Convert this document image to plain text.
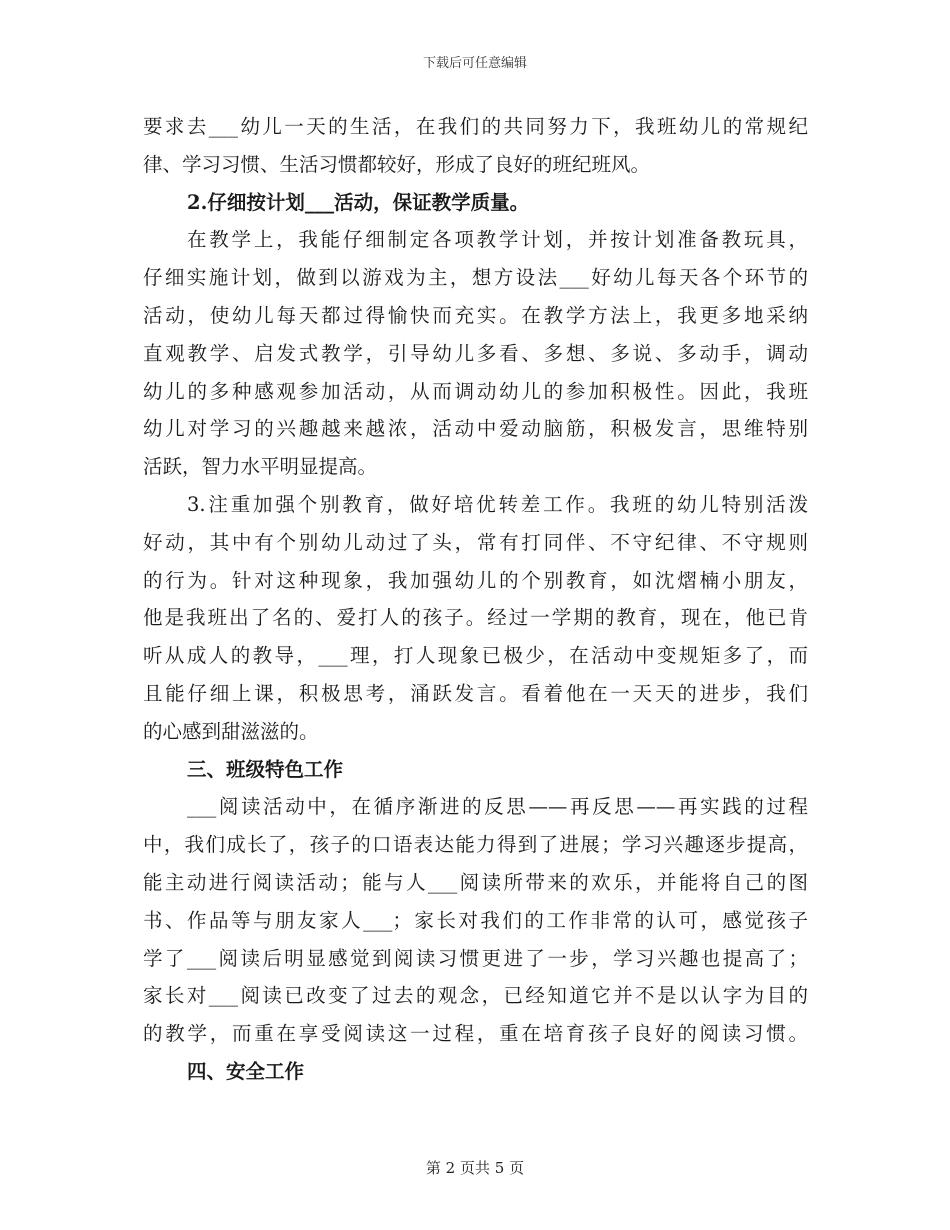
下载后可任意编辑
要求去___幼儿一天的生活，在我们的共同努力下，我班幼儿的常规纪
律、学习习惯、生活习惯都较好，形成了良好的班纪班风。
2.仔细按计划___活动，保证教学质量。
在教学上，我能仔细制定各项教学计划，并按计划准备教玩具，
仔细实施计划，做到以游戏为主，想方设法___好幼儿每天各个环节的
活动，使幼儿每天都过得愉快而充实。在教学方法上，我更多地采纳
直观教学、启发式教学，引导幼儿多看、多想、多说、多动手，调动
幼儿的多种感观参加活动，从而调动幼儿的参加积极性。因此，我班
幼儿对学习的兴趣越来越浓，活动中爱动脑筋，积极发言，思维特别
活跃，智力水平明显提高。
3.注重加强个别教育，做好培优转差工作。我班的幼儿特别活泼
好动，其中有个别幼儿动过了头，常有打同伴、不守纪律、不守规则
的行为。针对这种现象，我加强幼儿的个别教育，如沈熠楠小朋友，
他是我班出了名的、爱打人的孩子。经过一学期的教育，现在，他已肯
听从成人的教导，___理，打人现象已极少，在活动中变规矩多了，而
且能仔细上课，积极思考，涌跃发言。看着他在一天天的进步，我们
的心感到甜滋滋的。
三、班级特色工作
___阅读活动中，在循序渐进的反思——再反思——再实践的过程
中，我们成长了，孩子的口语表达能力得到了进展；学习兴趣逐步提高，
能主动进行阅读活动；能与人___阅读所带来的欢乐，并能将自己的图
书、作品等与朋友家人___；家长对我们的工作非常的认可，感觉孩子
学了___阅读后明显感觉到阅读习惯更进了一步，学习兴趣也提高了；
家长对___阅读已改变了过去的观念，已经知道它并不是以认字为目的
的教学，而重在享受阅读这一过程，重在培育孩子良好的阅读习惯。
四、安全工作
第 2 页共 5 页
